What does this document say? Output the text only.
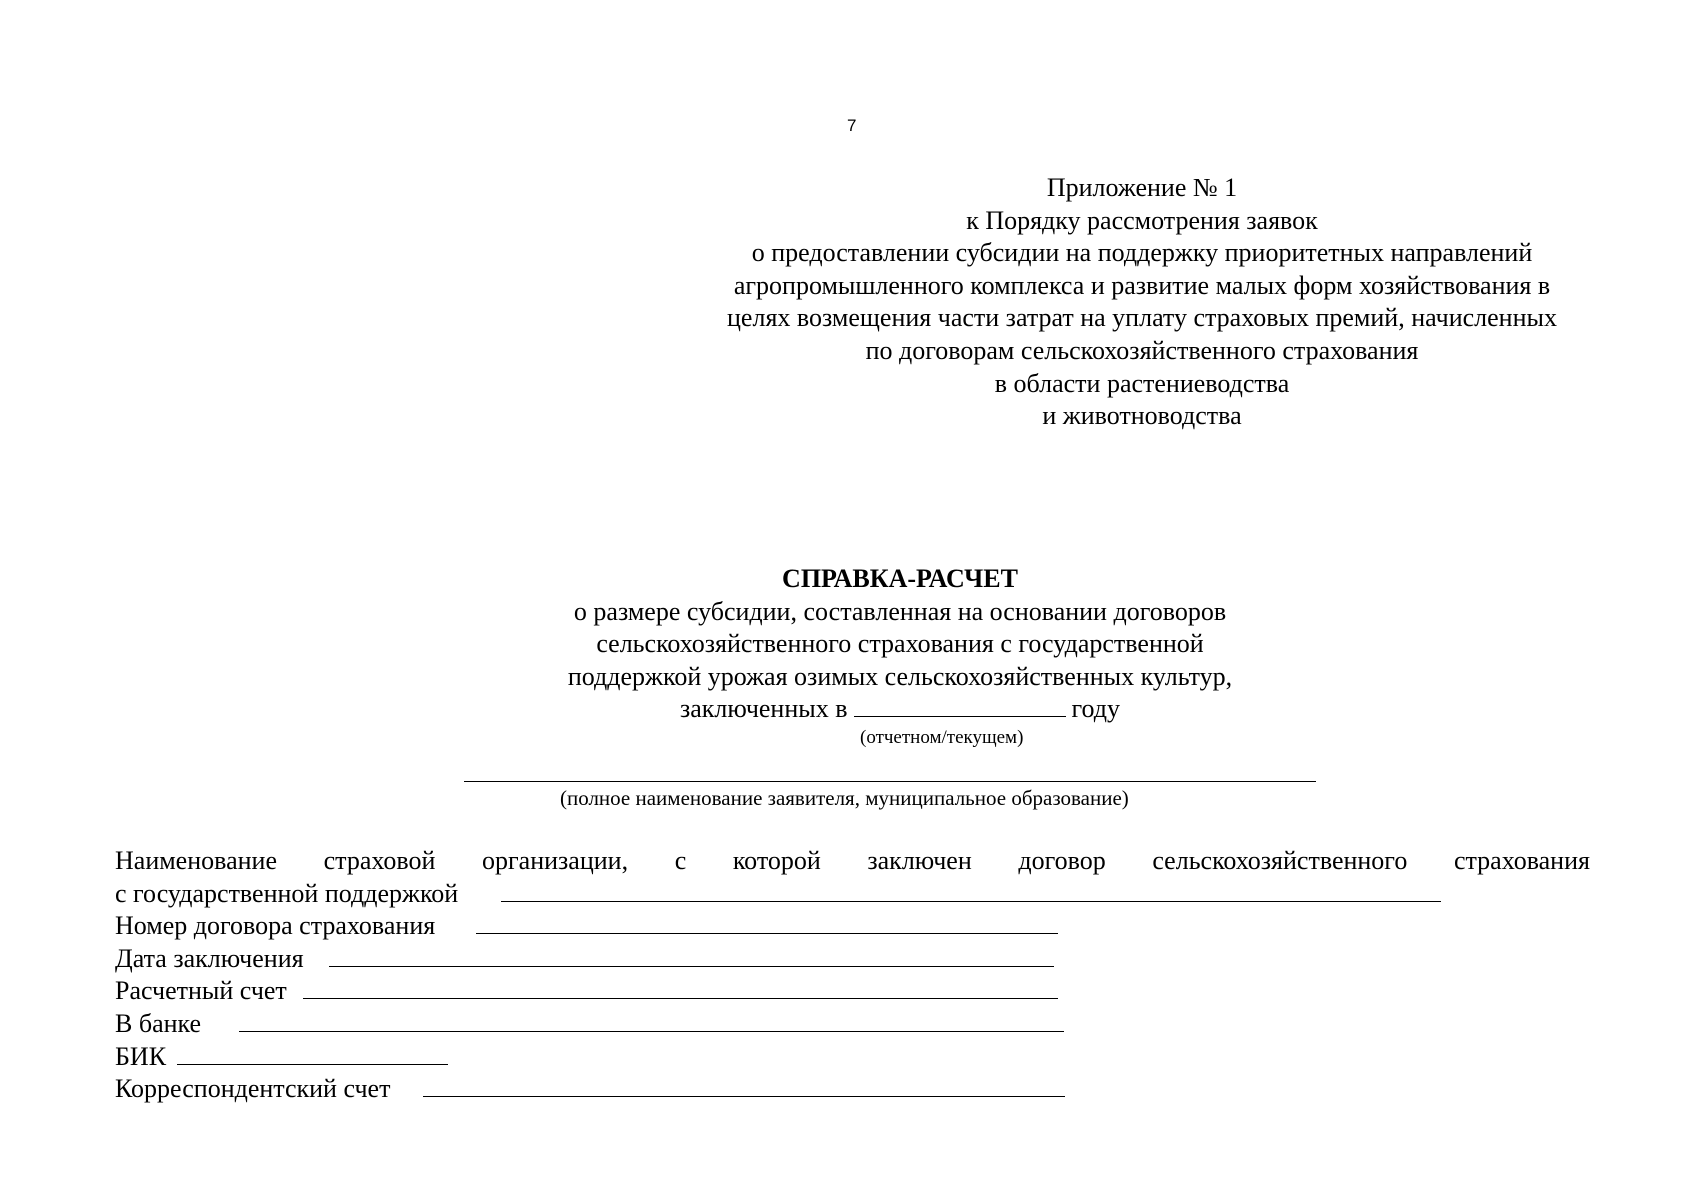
7
Приложение № 1
к Порядку рассмотрения заявок
о предоставлении субсидии на поддержку приоритетных направлений
агропромышленного комплекса и развитие малых форм хозяйствования в
целях возмещения части затрат на уплату страховых премий, начисленных
по договорам сельскохозяйственного страхования
в области растениеводства
и животноводства
СПРАВКА-РАСЧЕТ
о размере субсидии, составленная на основании договоров
сельскохозяйственного страхования с государственной
поддержкой урожая озимых сельскохозяйственных культур,
заключенных в	году
(отчетном/текущем)
(полное наименование заявителя, муниципальное образование)
Наименование страховой организации, с которой заключен договор сельскохозяйственного страхования
с государственной поддержкой
Номер договора страхования
Дата заключения
Расчетный счет
В банке
БИК
Корреспондентский счет
